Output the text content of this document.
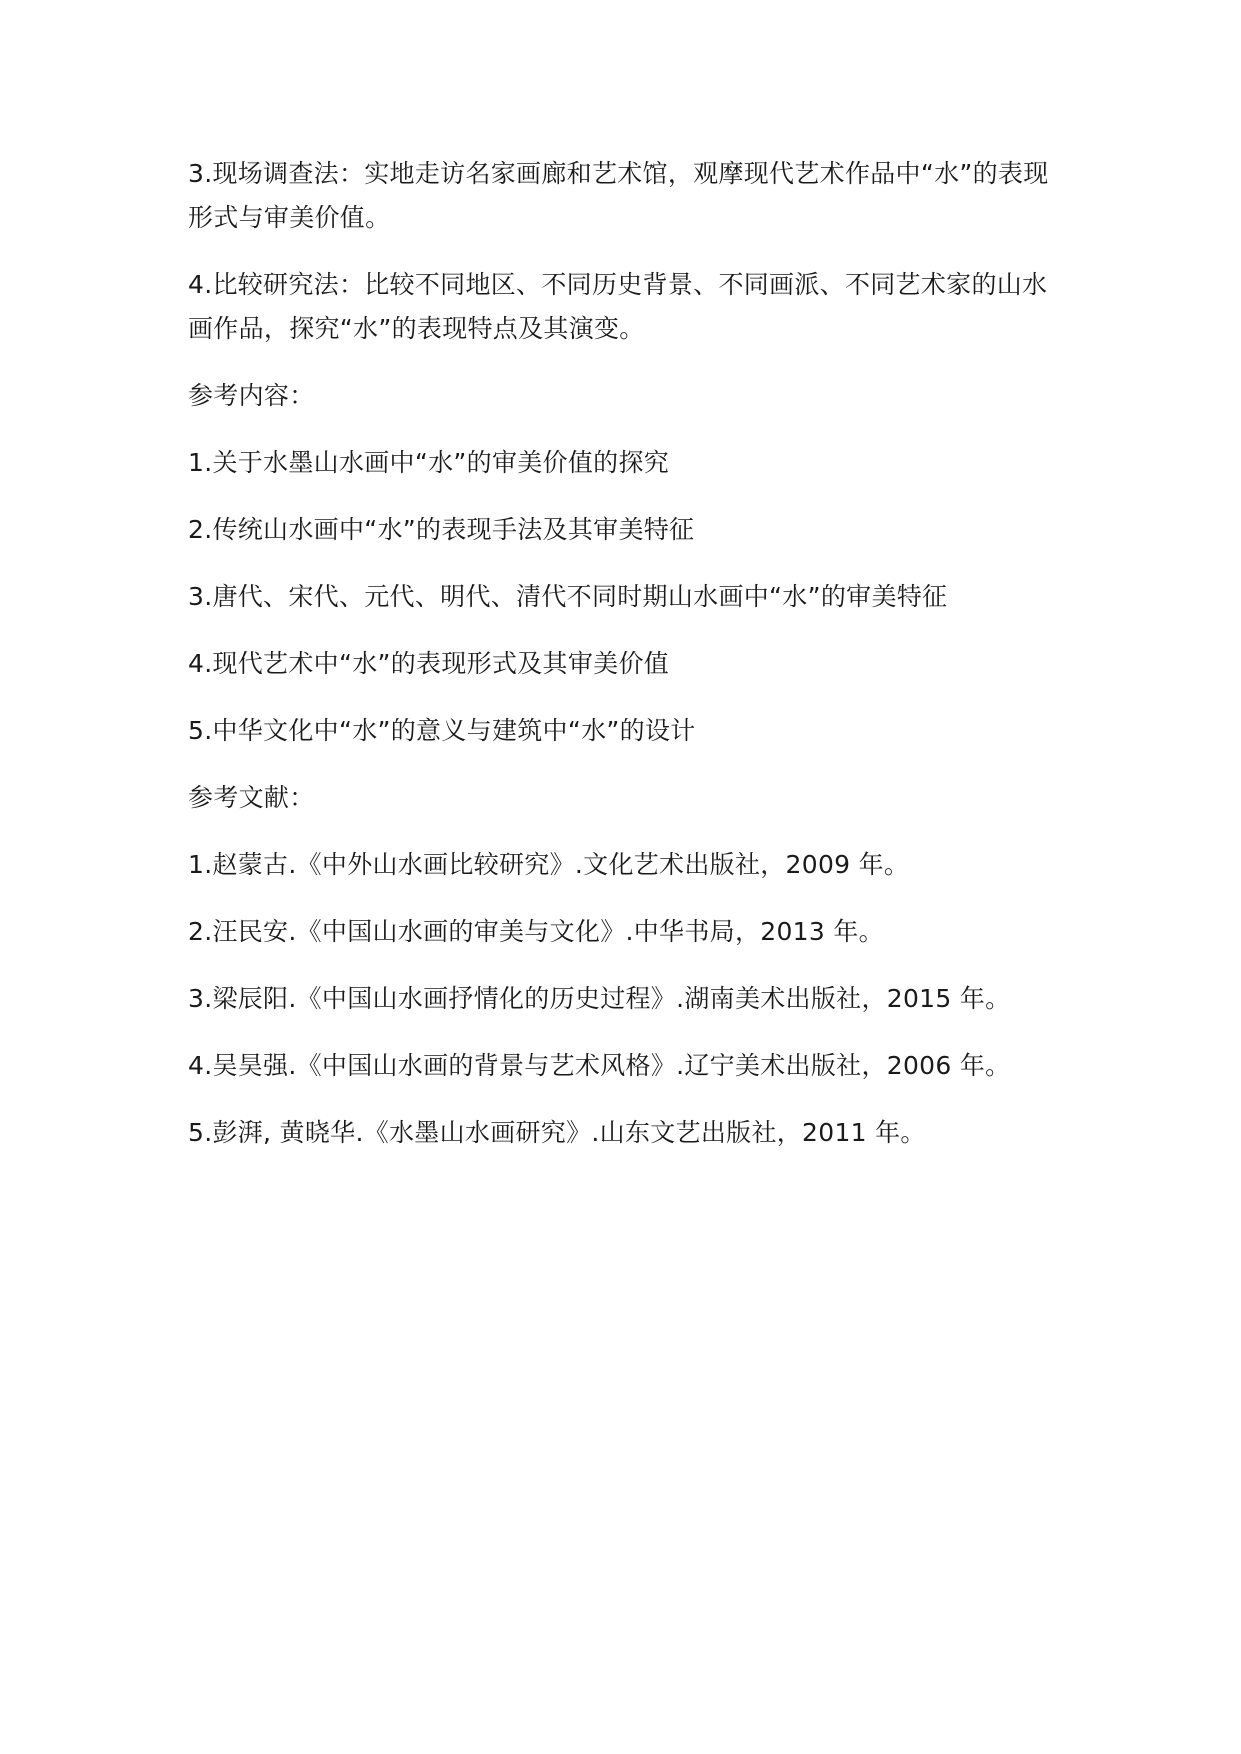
3.现场调查法：实地走访名家画廊和艺术馆，观摩现代艺术作品中“水”的表现形式与审美价值。

4.比较研究法：比较不同地区、不同历史背景、不同画派、不同艺术家的山水画作品，探究“水”的表现特点及其演变。

参考内容：

1.关于水墨山水画中“水”的审美价值的探究

2.传统山水画中“水”的表现手法及其审美特征

3.唐代、宋代、元代、明代、清代不同时期山水画中“水”的审美特征

4.现代艺术中“水”的表现形式及其审美价值

5.中华文化中“水”的意义与建筑中“水”的设计

参考文献：

1.赵蒙古.《中外山水画比较研究》.文化艺术出版社，2009 年。

2.汪民安.《中国山水画的审美与文化》.中华书局，2013 年。

3.梁辰阳.《中国山水画抒情化的历史过程》.湖南美术出版社，2015 年。

4.吴昊强.《中国山水画的背景与艺术风格》.辽宁美术出版社，2006 年。

5.彭湃, 黄晓华.《水墨山水画研究》.山东文艺出版社，2011 年。
